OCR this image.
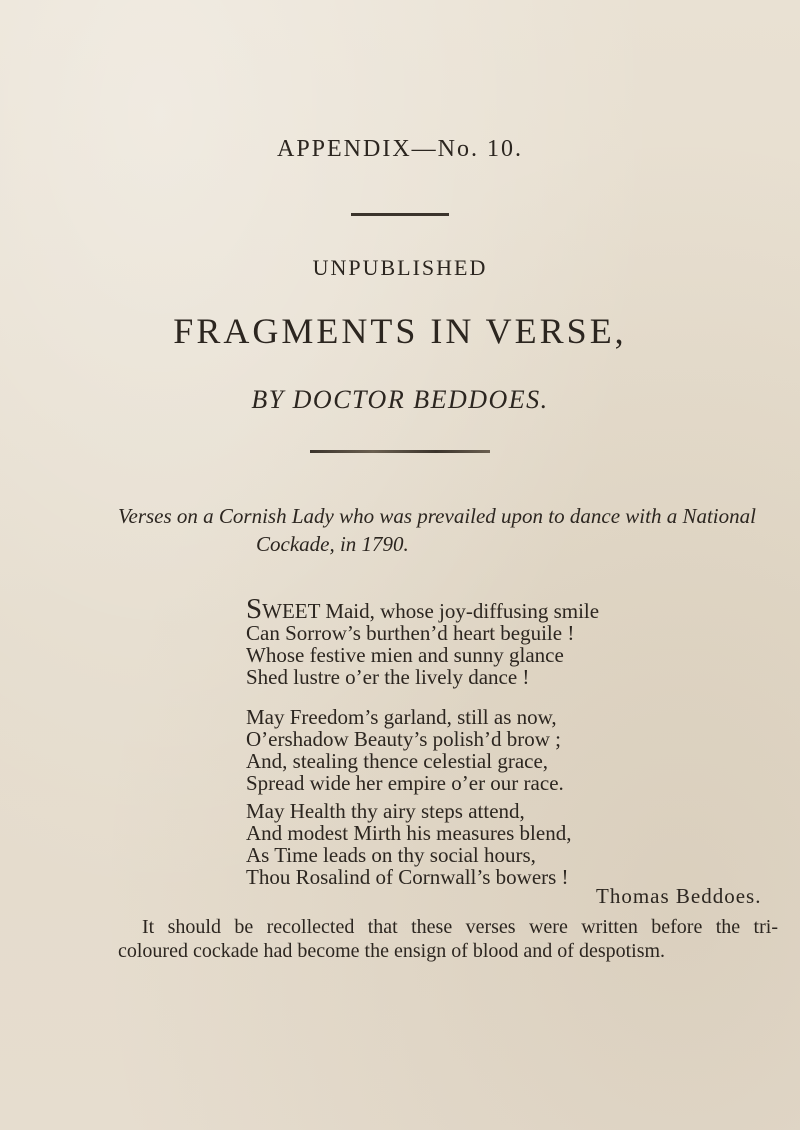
APPENDIX—No. 10.
UNPUBLISHED
FRAGMENTS IN VERSE,
BY DOCTOR BEDDOES.
Verses on a Cornish Lady who was prevailed upon to dance with a National
Cockade, in 1790.
SWEET Maid, whose joy-diffusing smile
Can Sorrow’s burthen’d heart beguile !
Whose festive mien and sunny glance
Shed lustre o’er the lively dance !
May Freedom’s garland, still as now,
O’ershadow Beauty’s polish’d brow ;
And, stealing thence celestial grace,
Spread wide her empire o’er our race.
May Health thy airy steps attend,
And modest Mirth his measures blend,
As Time leads on thy social hours,
Thou Rosalind of Cornwall’s bowers !
Thomas Beddoes.
It should be recollected that these verses were written before the tri-
coloured cockade had become the ensign of blood and of despotism.
